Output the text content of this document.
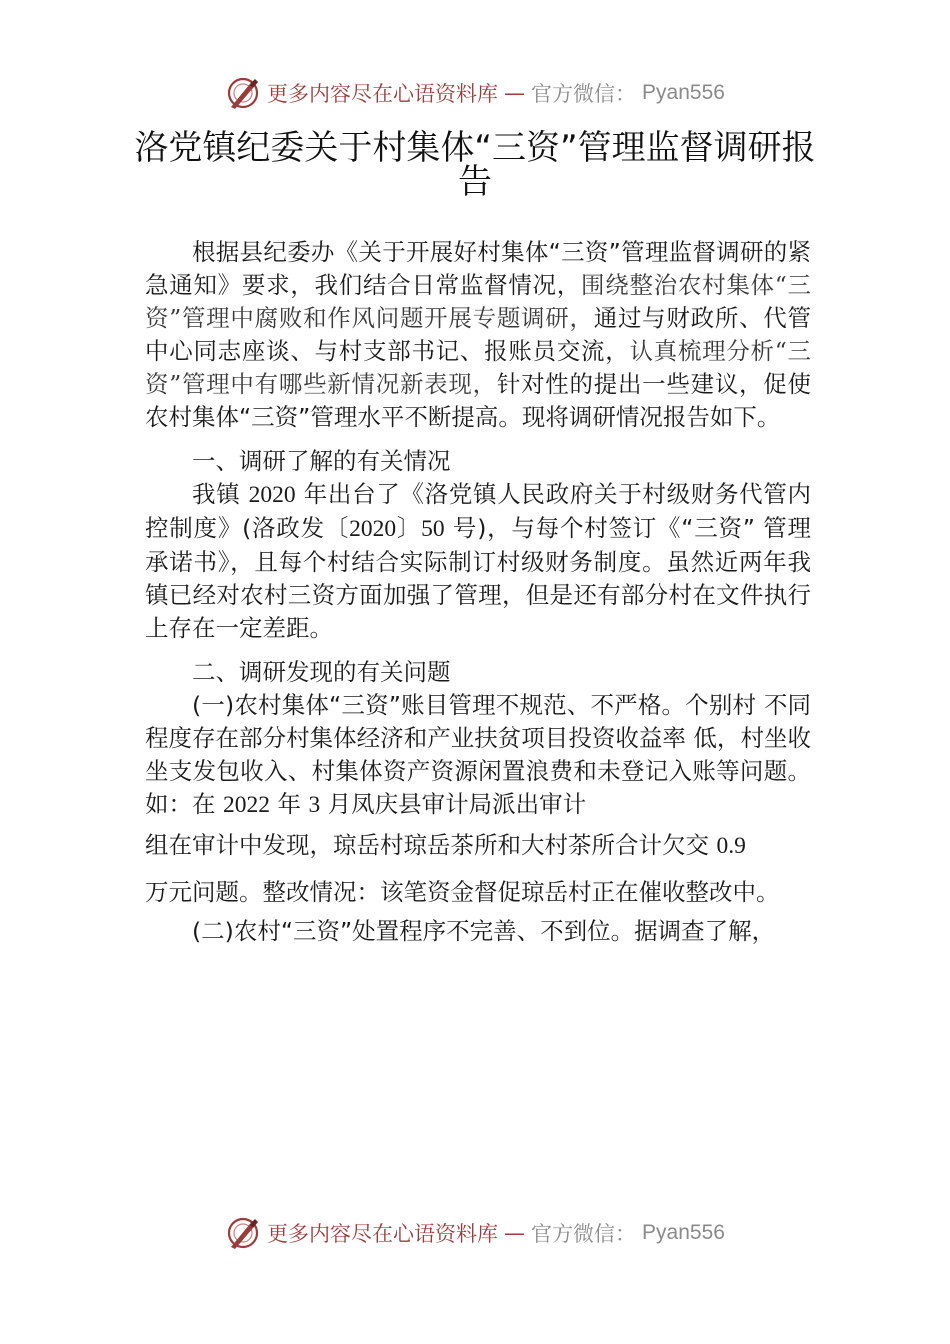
更多内容尽在心语资料库 — 官方微信： Pyan556
洛党镇纪委关于村集体“三资”管理监督调研报告

根据县纪委办《关于开展好村集体“三资”管理监督调研的紧急通知》要求，我们结合日常监督情况，围绕整治农村集体“三资”管理中腐败和作风问题开展专题调研，通过与财政所、代管中心同志座谈、与村支部书记、报账员交流，认真梳理分析“三资”管理中有哪些新情况新表现，针对性的提出一些建议，促使农村集体“三资”管理水平不断提高。现将调研情况报告如下。

一、调研了解的有关情况

我镇 2020 年出台了《洛党镇人民政府关于村级财务代管内控制度》(洛政发〔2020〕50 号)，与每个村签订《“三资” 管理承诺书》，且每个村结合实际制订村级财务制度。虽然近两年我镇已经对农村三资方面加强了管理，但是还有部分村在文件执行上存在一定差距。

二、调研发现的有关问题

(一)农村集体“三资”账目管理不规范、不严格。个别村 不同程度存在部分村集体经济和产业扶贫项目投资收益率 低，村坐收坐支发包收入、村集体资产资源闲置浪费和未登记入账等问题。如：在 2022 年 3 月凤庆县审计局派出审计

组在审计中发现，琼岳村琼岳茶所和大村茶所合计欠交 0.9
万元问题。整改情况：该笔资金督促琼岳村正在催收整改中。

(二)农村“三资”处置程序不完善、不到位。据调查了解，

更多内容尽在心语资料库 — 官方微信： Pyan556
